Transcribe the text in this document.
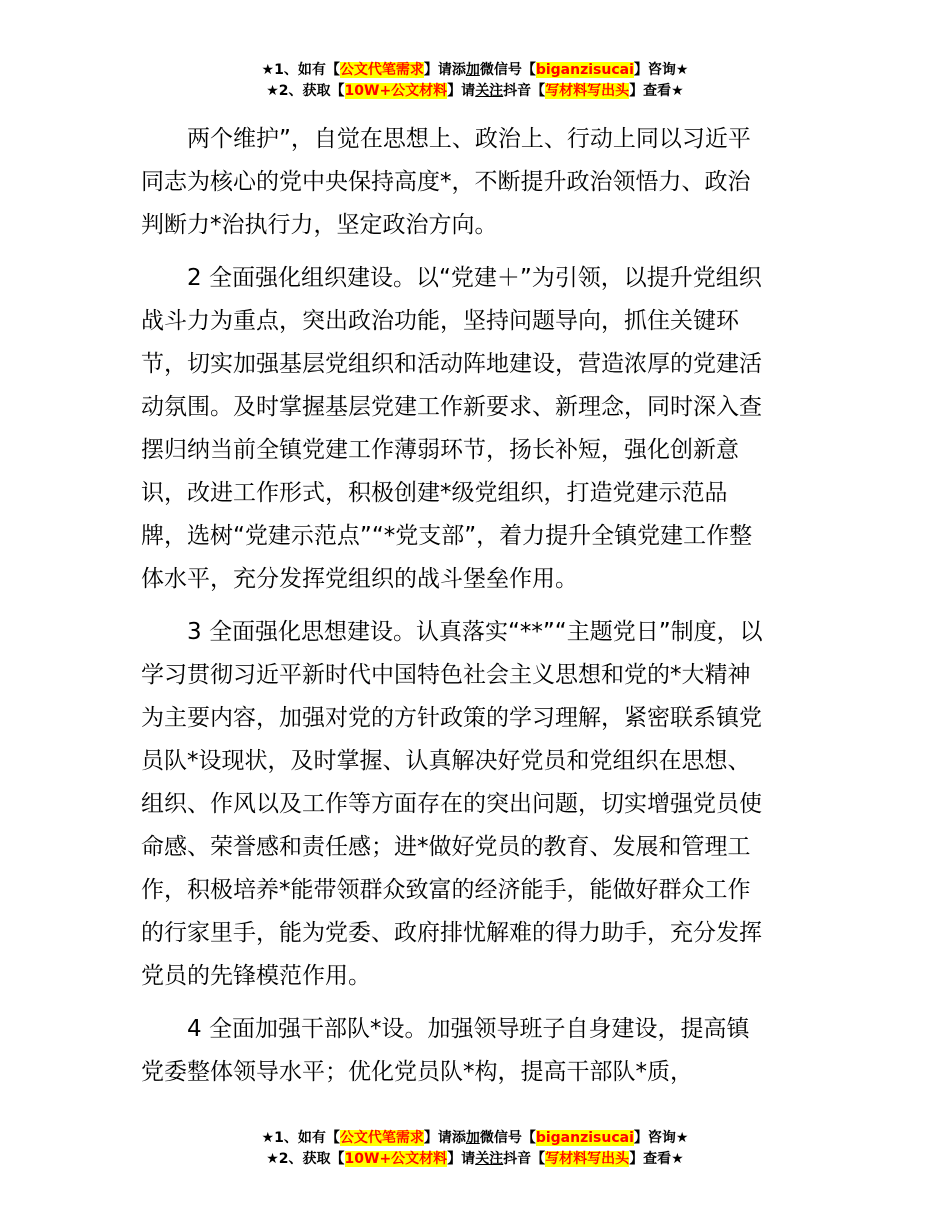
★1、如有【公文代笔需求】请添加微信号【biganzisucai】咨询★
★2、获取【10W+公文材料】请关注抖音【写材料写出头】查看★

两个维护”，自觉在思想上、政治上、行动上同以习近平
同志为核心的党中央保持高度*，不断提升政治领悟力、政治
判断力*治执行力，坚定政治方向。

2 全面强化组织建设。以“党建＋”为引领，以提升党组织
战斗力为重点，突出政治功能，坚持问题导向，抓住关键环
节，切实加强基层党组织和活动阵地建设，营造浓厚的党建活
动氛围。及时掌握基层党建工作新要求、新理念，同时深入查
摆归纳当前全镇党建工作薄弱环节，扬长补短，强化创新意
识，改进工作形式，积极创建*级党组织，打造党建示范品
牌，选树“党建示范点”“*党支部”，着力提升全镇党建工作整
体水平，充分发挥党组织的战斗堡垒作用。

3 全面强化思想建设。认真落实“**”“主题党日”制度，以
学习贯彻习近平新时代中国特色社会主义思想和党的*大精神
为主要内容，加强对党的方针政策的学习理解，紧密联系镇党
员队*设现状，及时掌握、认真解决好党员和党组织在思想、
组织、作风以及工作等方面存在的突出问题，切实增强党员使
命感、荣誉感和责任感；进*做好党员的教育、发展和管理工
作，积极培养*能带领群众致富的经济能手，能做好群众工作
的行家里手，能为党委、政府排忧解难的得力助手，充分发挥
党员的先锋模范作用。

4 全面加强干部队*设。加强领导班子自身建设，提高镇
党委整体领导水平；优化党员队*构，提高干部队*质，

★1、如有【公文代笔需求】请添加微信号【biganzisucai】咨询★
★2、获取【10W+公文材料】请关注抖音【写材料写出头】查看★
